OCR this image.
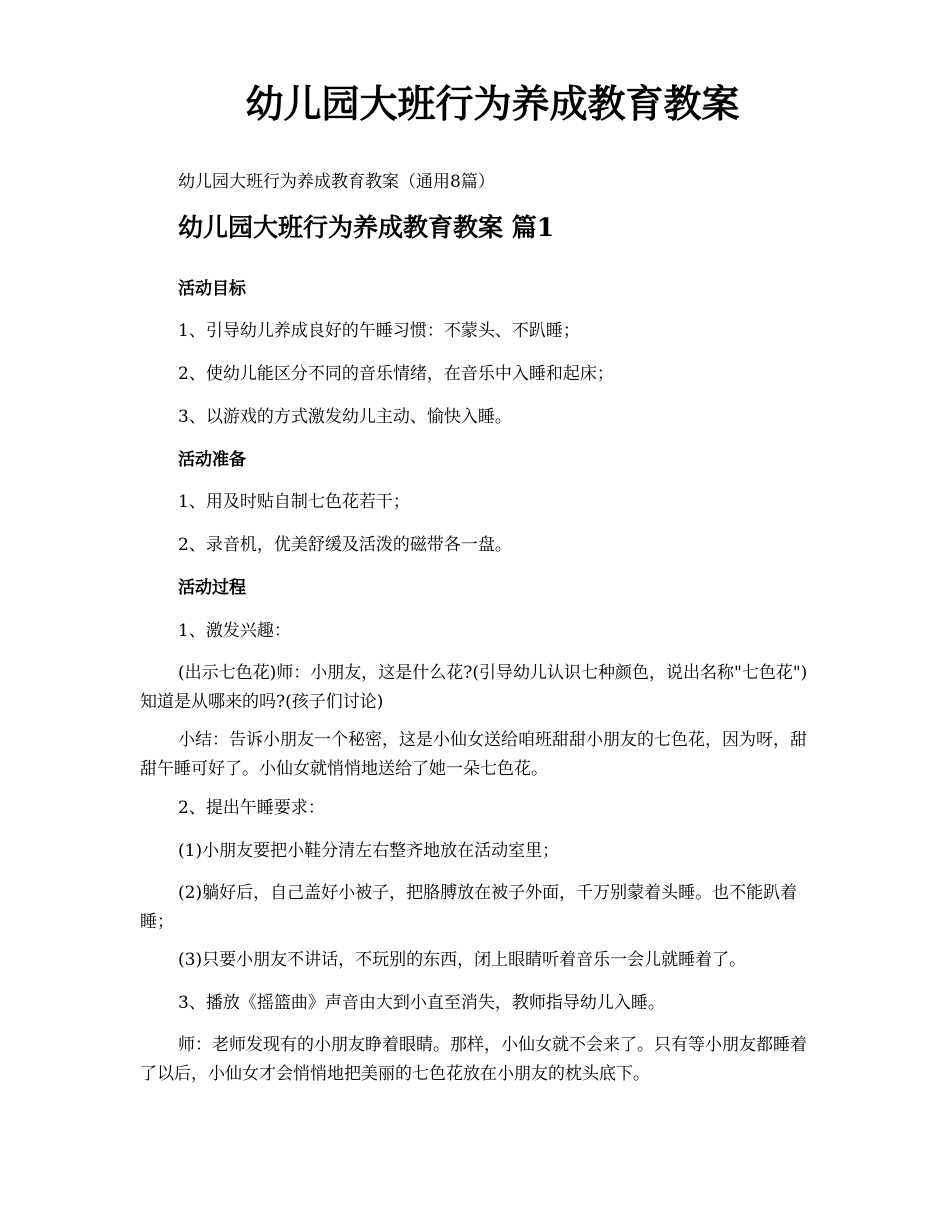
幼儿园大班行为养成教育教案

幼儿园大班行为养成教育教案（通用8篇）

幼儿园大班行为养成教育教案 篇1

活动目标

1、引导幼儿养成良好的午睡习惯：不蒙头、不趴睡；

2、使幼儿能区分不同的音乐情绪，在音乐中入睡和起床；

3、以游戏的方式激发幼儿主动、愉快入睡。

活动准备

1、用及时贴自制七色花若干；

2、录音机，优美舒缓及活泼的磁带各一盘。

活动过程

1、激发兴趣：

(出示七色花)师：小朋友，这是什么花?(引导幼儿认识七种颜色，说出名称"七色花")知道是从哪来的吗?(孩子们讨论)

小结：告诉小朋友一个秘密，这是小仙女送给咱班甜甜小朋友的七色花，因为呀，甜甜午睡可好了。小仙女就悄悄地送给了她一朵七色花。

2、提出午睡要求：

(1)小朋友要把小鞋分清左右整齐地放在活动室里；

(2)躺好后，自己盖好小被子，把胳膊放在被子外面，千万别蒙着头睡。也不能趴着睡；

(3)只要小朋友不讲话，不玩别的东西，闭上眼睛听着音乐一会儿就睡着了。

3、播放《摇篮曲》声音由大到小直至消失，教师指导幼儿入睡。

师：老师发现有的小朋友睁着眼睛。那样，小仙女就不会来了。只有等小朋友都睡着了以后，小仙女才会悄悄地把美丽的七色花放在小朋友的枕头底下。
